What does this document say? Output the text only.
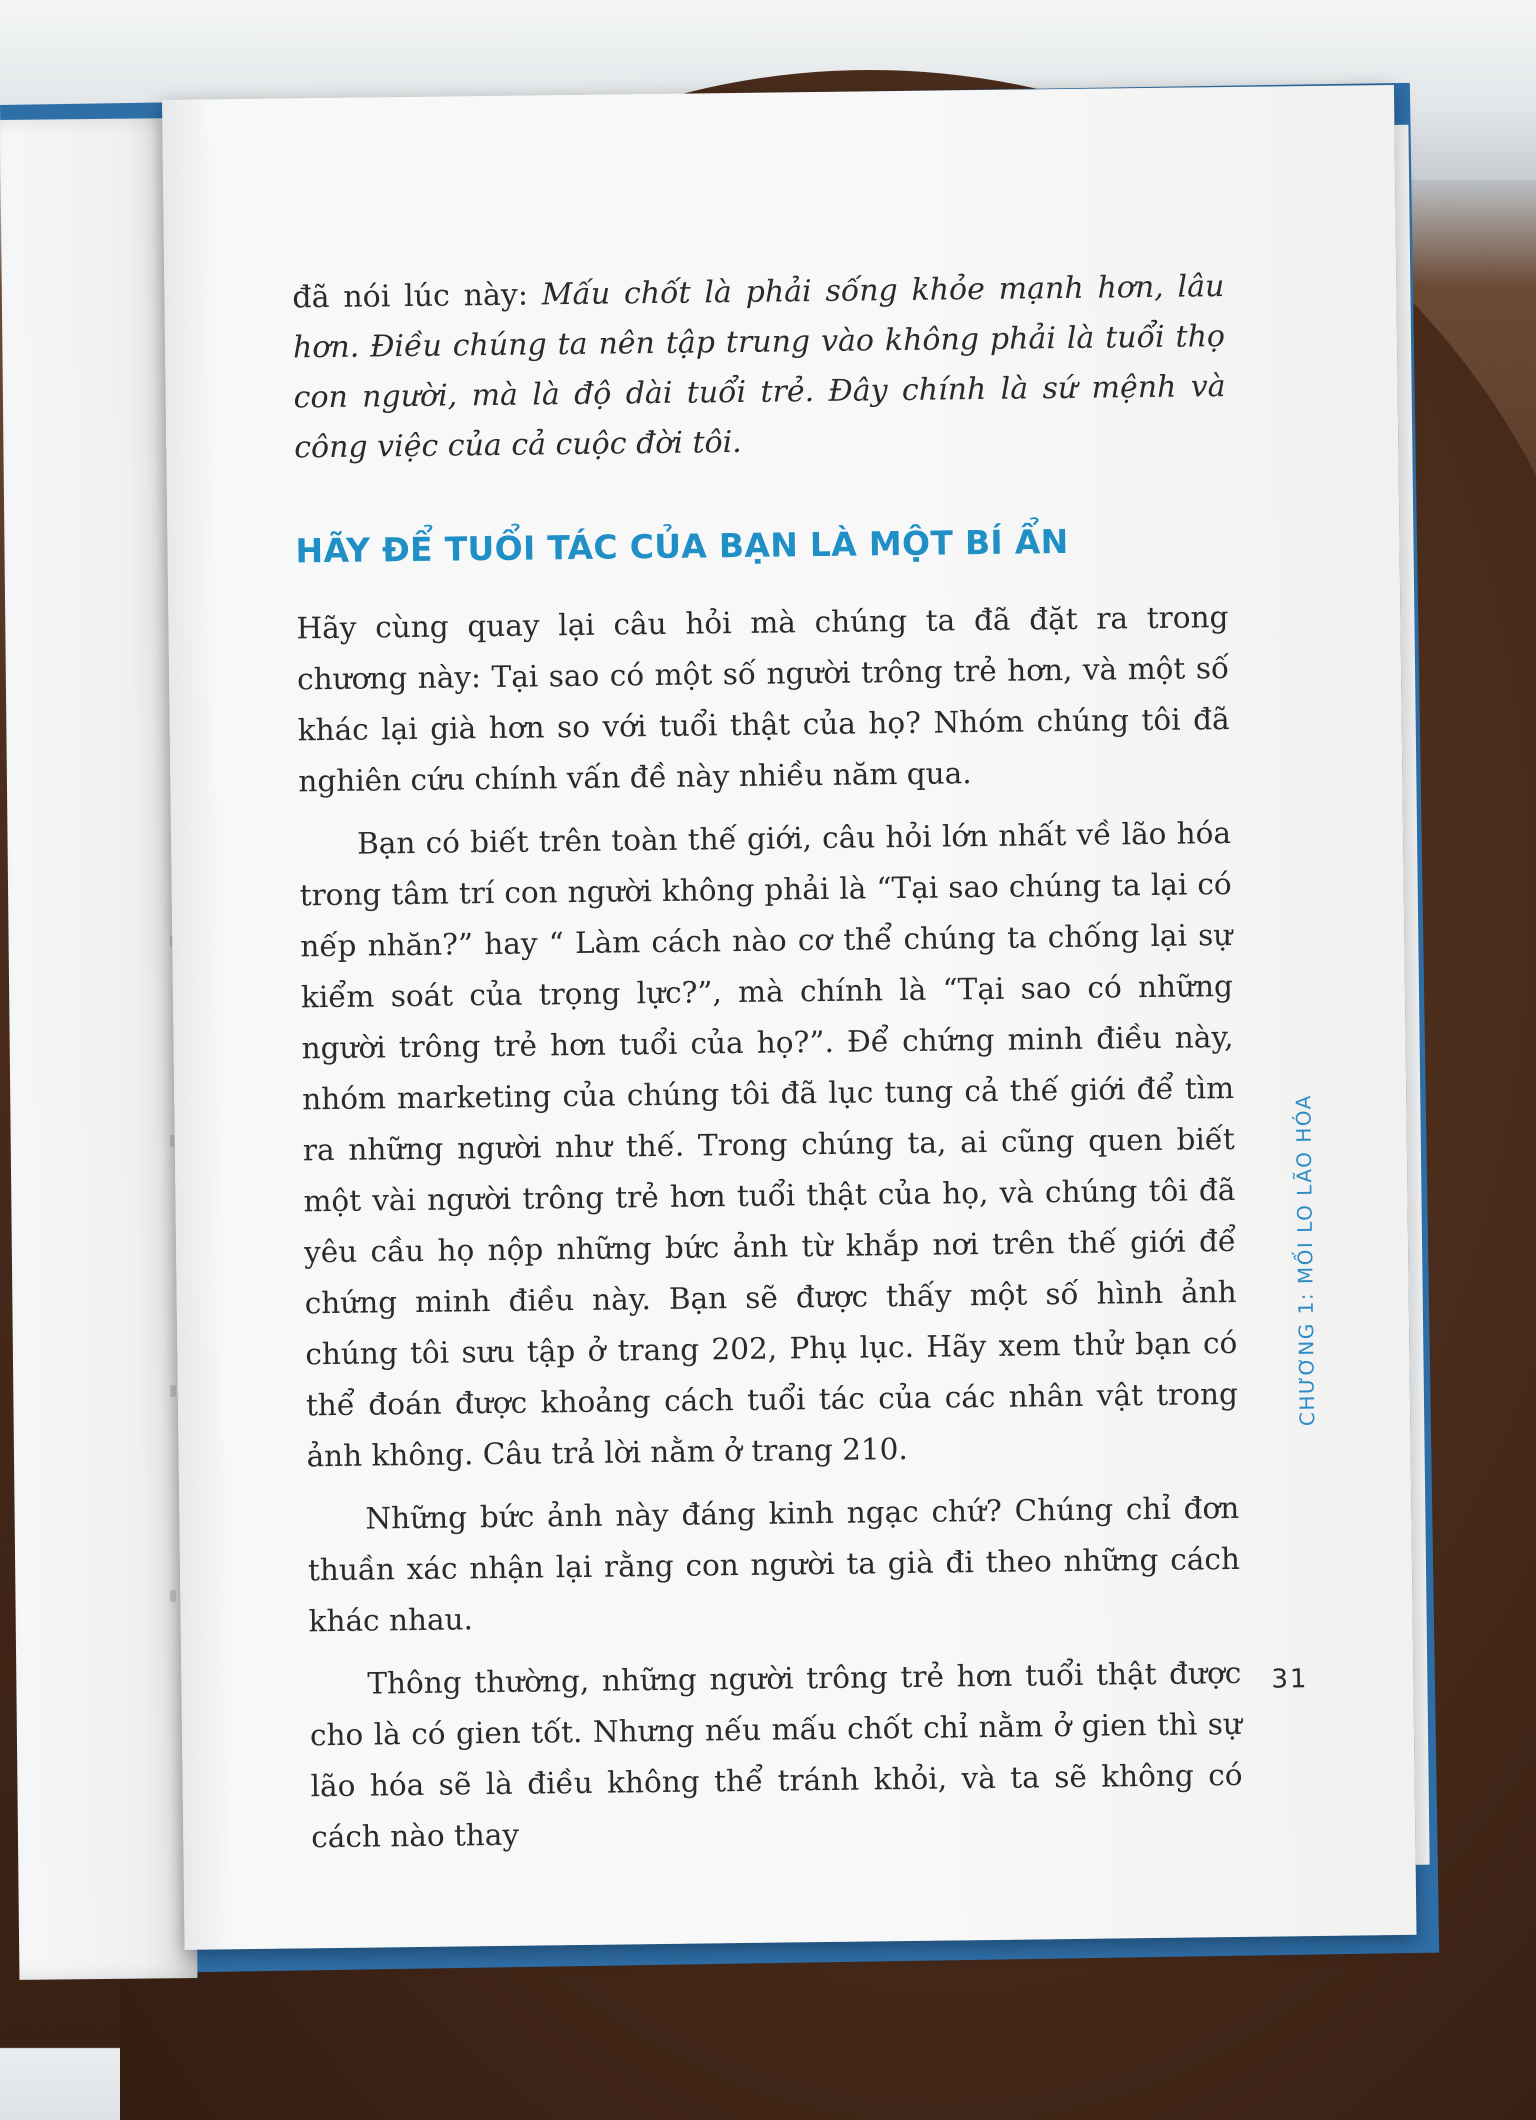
đã nói lúc này: Mấu chốt là phải sống khỏe mạnh hơn, lâu hơn. Điều chúng ta nên tập trung vào không phải là tuổi thọ con người, mà là độ dài tuổi trẻ. Đây chính là sứ mệnh và công việc của cả cuộc đời tôi.

HÃY ĐỂ TUỔI TÁC CỦA BẠN LÀ MỘT BÍ ẨN

Hãy cùng quay lại câu hỏi mà chúng ta đã đặt ra trong chương này: Tại sao có một số người trông trẻ hơn, và một số khác lại già hơn so với tuổi thật của họ? Nhóm chúng tôi đã nghiên cứu chính vấn đề này nhiều năm qua.

Bạn có biết trên toàn thế giới, câu hỏi lớn nhất về lão hóa trong tâm trí con người không phải là “Tại sao chúng ta lại có nếp nhăn?” hay “ Làm cách nào cơ thể chúng ta chống lại sự kiểm soát của trọng lực?”, mà chính là “Tại sao có những người trông trẻ hơn tuổi của họ?”. Để chứng minh điều này, nhóm marketing của chúng tôi đã lục tung cả thế giới để tìm ra những người như thế. Trong chúng ta, ai cũng quen biết một vài người trông trẻ hơn tuổi thật của họ, và chúng tôi đã yêu cầu họ nộp những bức ảnh từ khắp nơi trên thế giới để chứng minh điều này. Bạn sẽ được thấy một số hình ảnh chúng tôi sưu tập ở trang 202, Phụ lục. Hãy xem thử bạn có thể đoán được khoảng cách tuổi tác của các nhân vật trong ảnh không. Câu trả lời nằm ở trang 210.

Những bức ảnh này đáng kinh ngạc chứ? Chúng chỉ đơn thuần xác nhận lại rằng con người ta già đi theo những cách khác nhau.

Thông thường, những người trông trẻ hơn tuổi thật được cho là có gien tốt. Nhưng nếu mấu chốt chỉ nằm ở gien thì sự lão hóa sẽ là điều không thể tránh khỏi, và ta sẽ không có cách nào thay

CHƯƠNG 1: MỐI LO LÃO HÓA
31
